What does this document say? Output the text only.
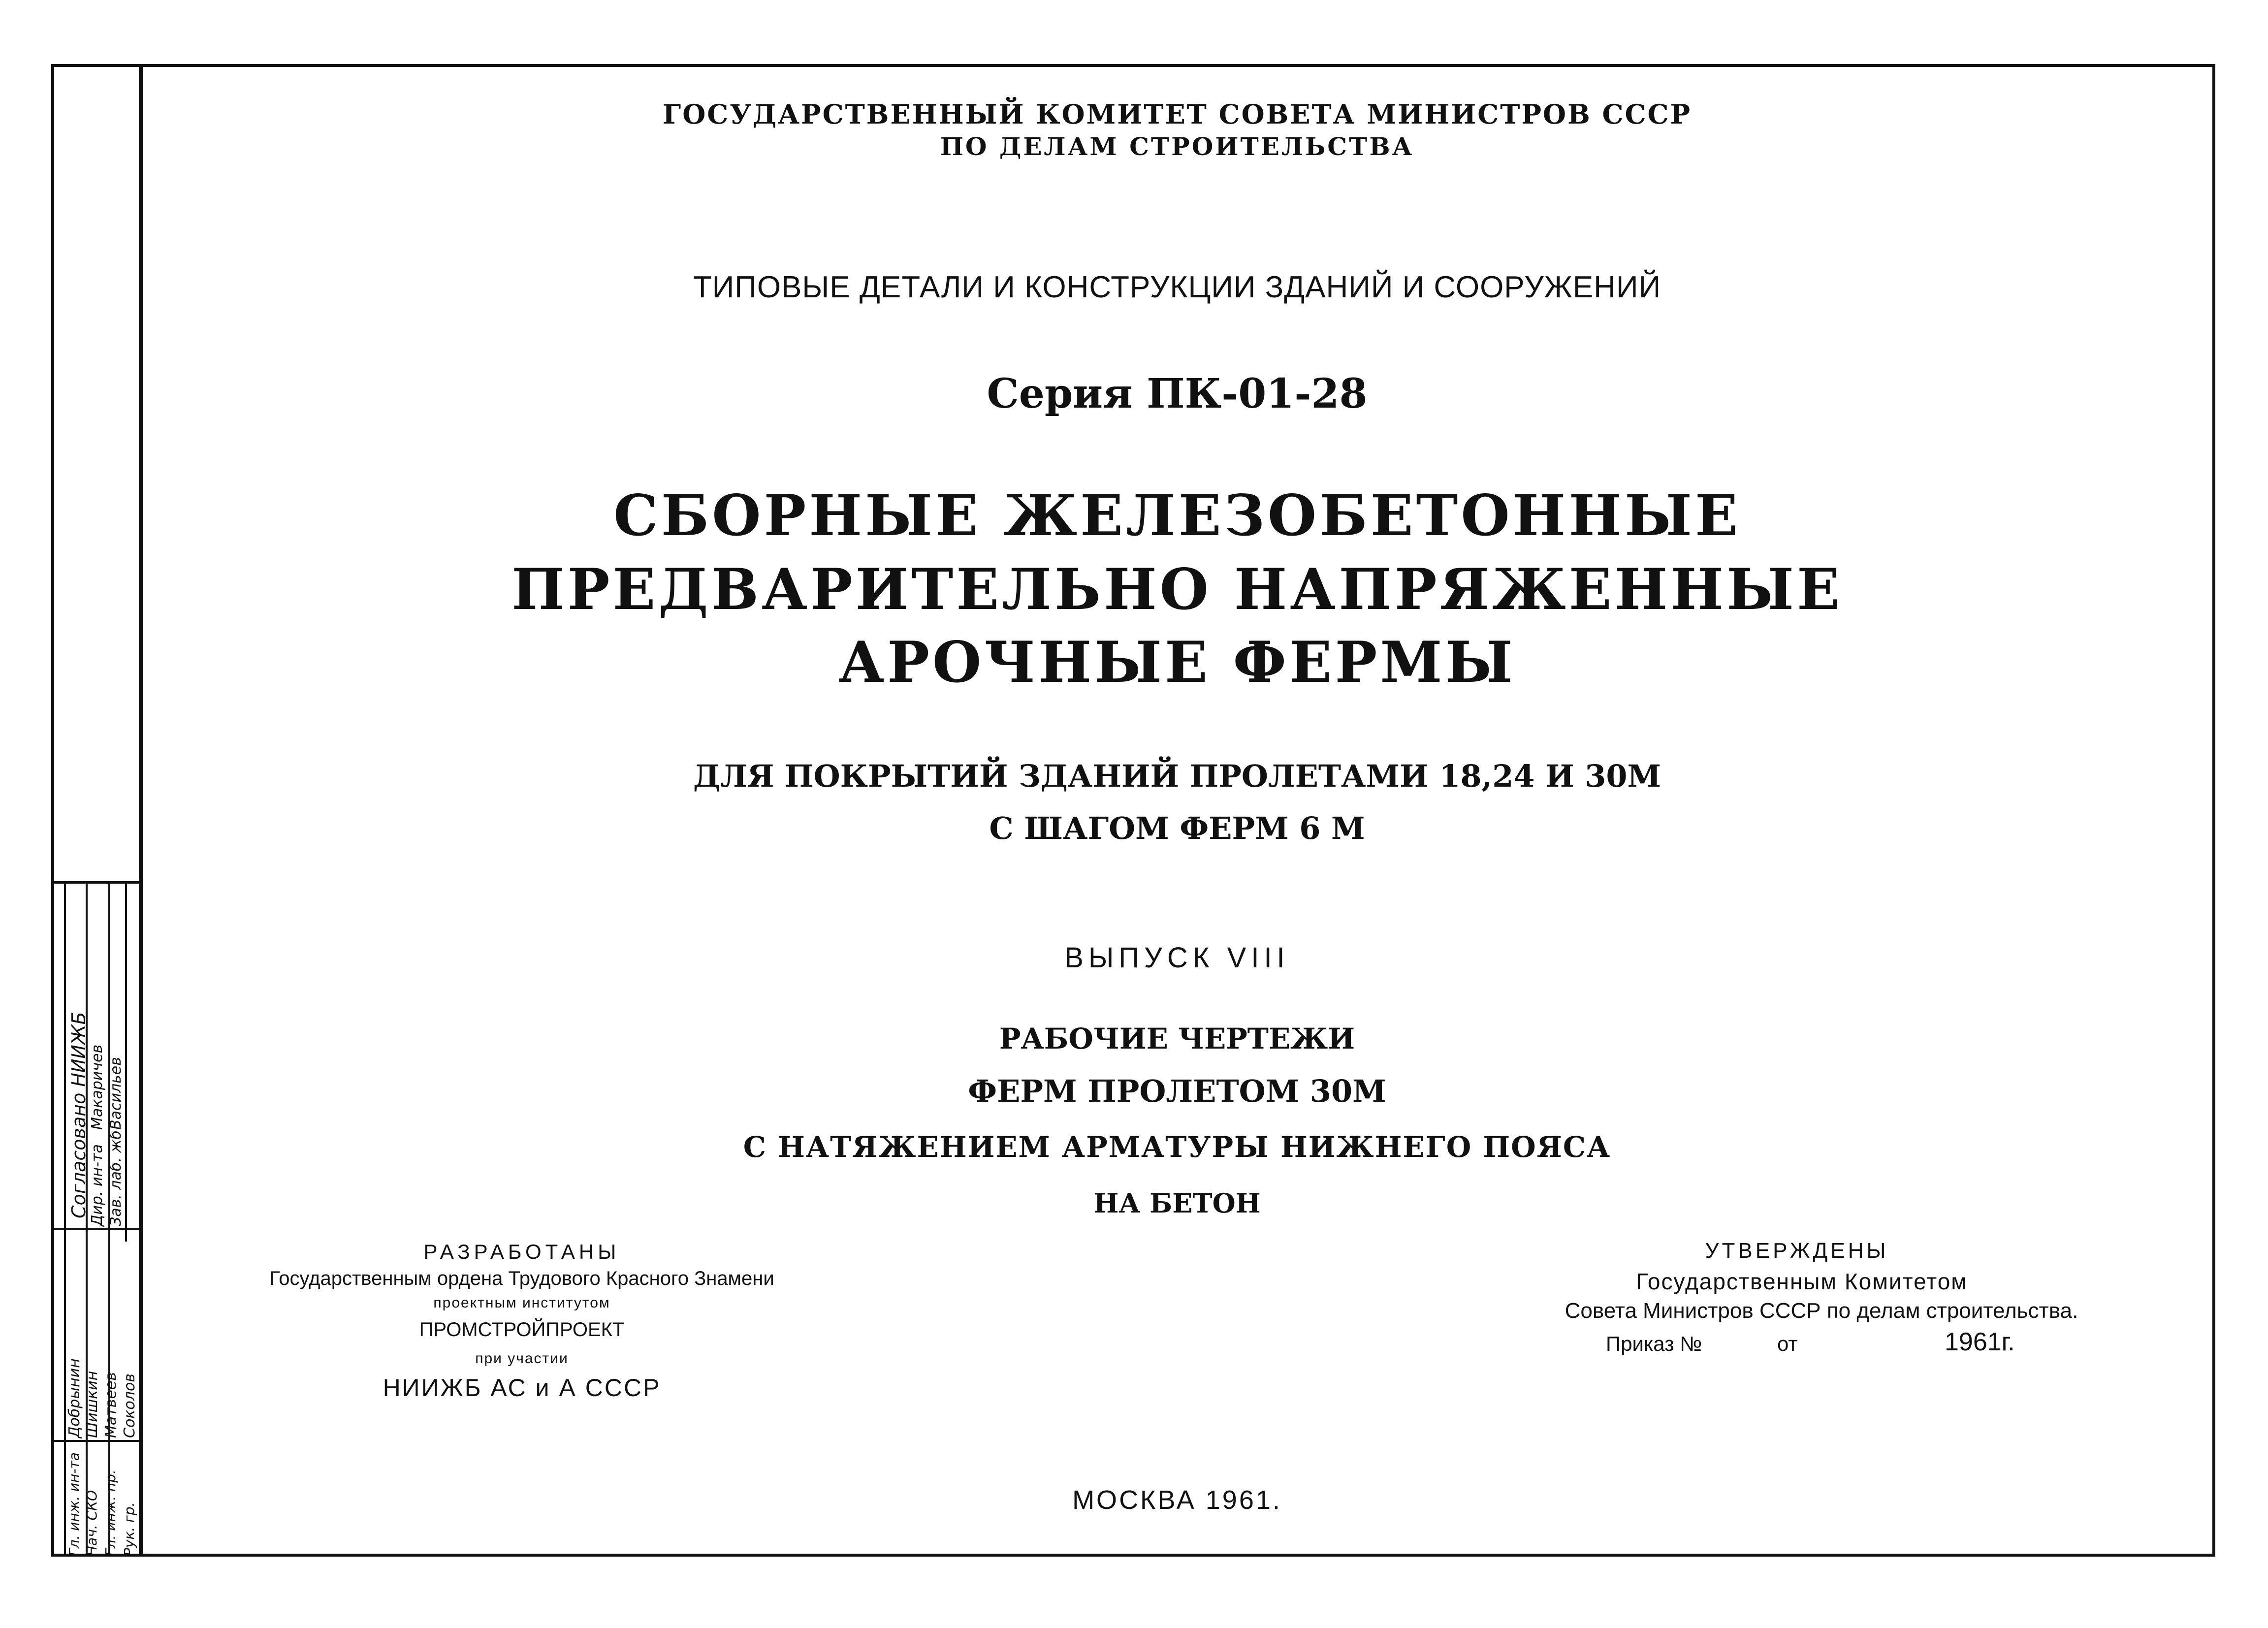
Согласовано НИИЖБ
Дир. ин-та
Макаричев
Зав. лаб. жб
Васильев
Гл. инж. ин-та
Добрынин
Нач. СКО
Шишкин
Гл. инж. пр.
Матвеев
Рук. гр.
Соколов
ГОСУДАРСТВЕННЫЙ КОМИТЕТ СОВЕТА МИНИСТРОВ СССР
ПО ДЕЛАМ СТРОИТЕЛЬСТВА
ТИПОВЫЕ ДЕТАЛИ И КОНСТРУКЦИИ ЗДАНИЙ И СООРУЖЕНИЙ
Серия ПК-01-28
СБОРНЫЕ ЖЕЛЕЗОБЕТОННЫЕ
ПРЕДВАРИТЕЛЬНО НАПРЯЖЕННЫЕ
АРОЧНЫЕ ФЕРМЫ
ДЛЯ ПОКРЫТИЙ ЗДАНИЙ ПРОЛЕТАМИ 18,24 И 30М
С ШАГОМ ФЕРМ 6 М
ВЫПУСК VIII
РАБОЧИЕ ЧЕРТЕЖИ
ФЕРМ ПРОЛЕТОМ 30М
С НАТЯЖЕНИЕМ АРМАТУРЫ НИЖНЕГО ПОЯСА
НА БЕТОН
РАЗРАБОТАНЫ
Государственным ордена Трудового Красного Знамени
проектным институтом
ПРОМСТРОЙПРОЕКТ
при участии
НИИЖБ АС и А СССР
УТВЕРЖДЕНЫ
Государственным Комитетом
Совета Министров СССР по делам строительства.
Приказ №	от	1961г.
МОСКВА 1961.
